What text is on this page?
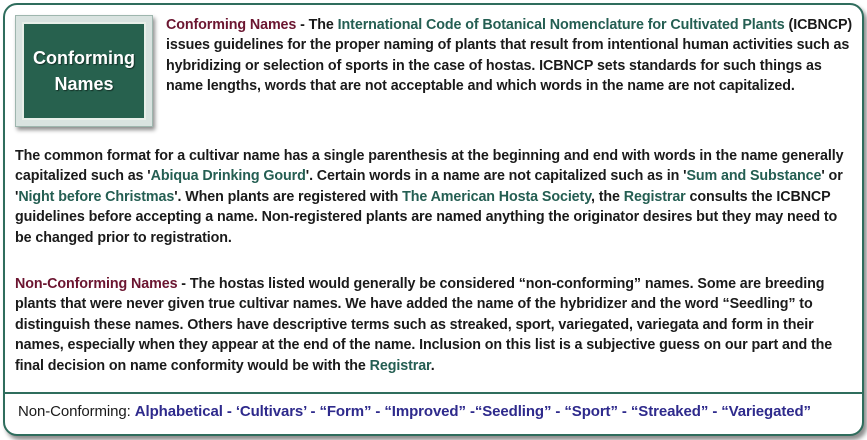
Conforming
Names
Conforming Names - The International Code of Botanical Nomenclature for Cultivated Plants (ICBNCP) issues guidelines for the proper naming of plants that result from intentional human activities such as hybridizing or selection of sports in the case of hostas. ICBNCP sets standards for such things as name lengths, words that are not acceptable and which words in the name are not capitalized.
The common format for a cultivar name has a single parenthesis at the beginning and end with words in the name generally capitalized such as 'Abiqua Drinking Gourd'. Certain words in a name are not capitalized such as in 'Sum and Substance' or 'Night before Christmas'. When plants are registered with The American Hosta Society, the Registrar consults the ICBNCP guidelines before accepting a name. Non-registered plants are named anything the originator desires but they may need to be changed prior to registration.
Non-Conforming Names - The hostas listed would generally be considered “non-conforming” names. Some are breeding plants that were never given true cultivar names. We have added the name of the hybridizer and the word “Seedling” to distinguish these names. Others have descriptive terms such as streaked, sport, variegated, variegata and form in their names, especially when they appear at the end of the name. Inclusion on this list is a subjective guess on our part and the final decision on name conformity would be with the Registrar.
Non-Conforming: Alphabetical - ‘Cultivars’ - “Form” - “Improved” -“Seedling” - “Sport” - “Streaked” - “Variegated”
